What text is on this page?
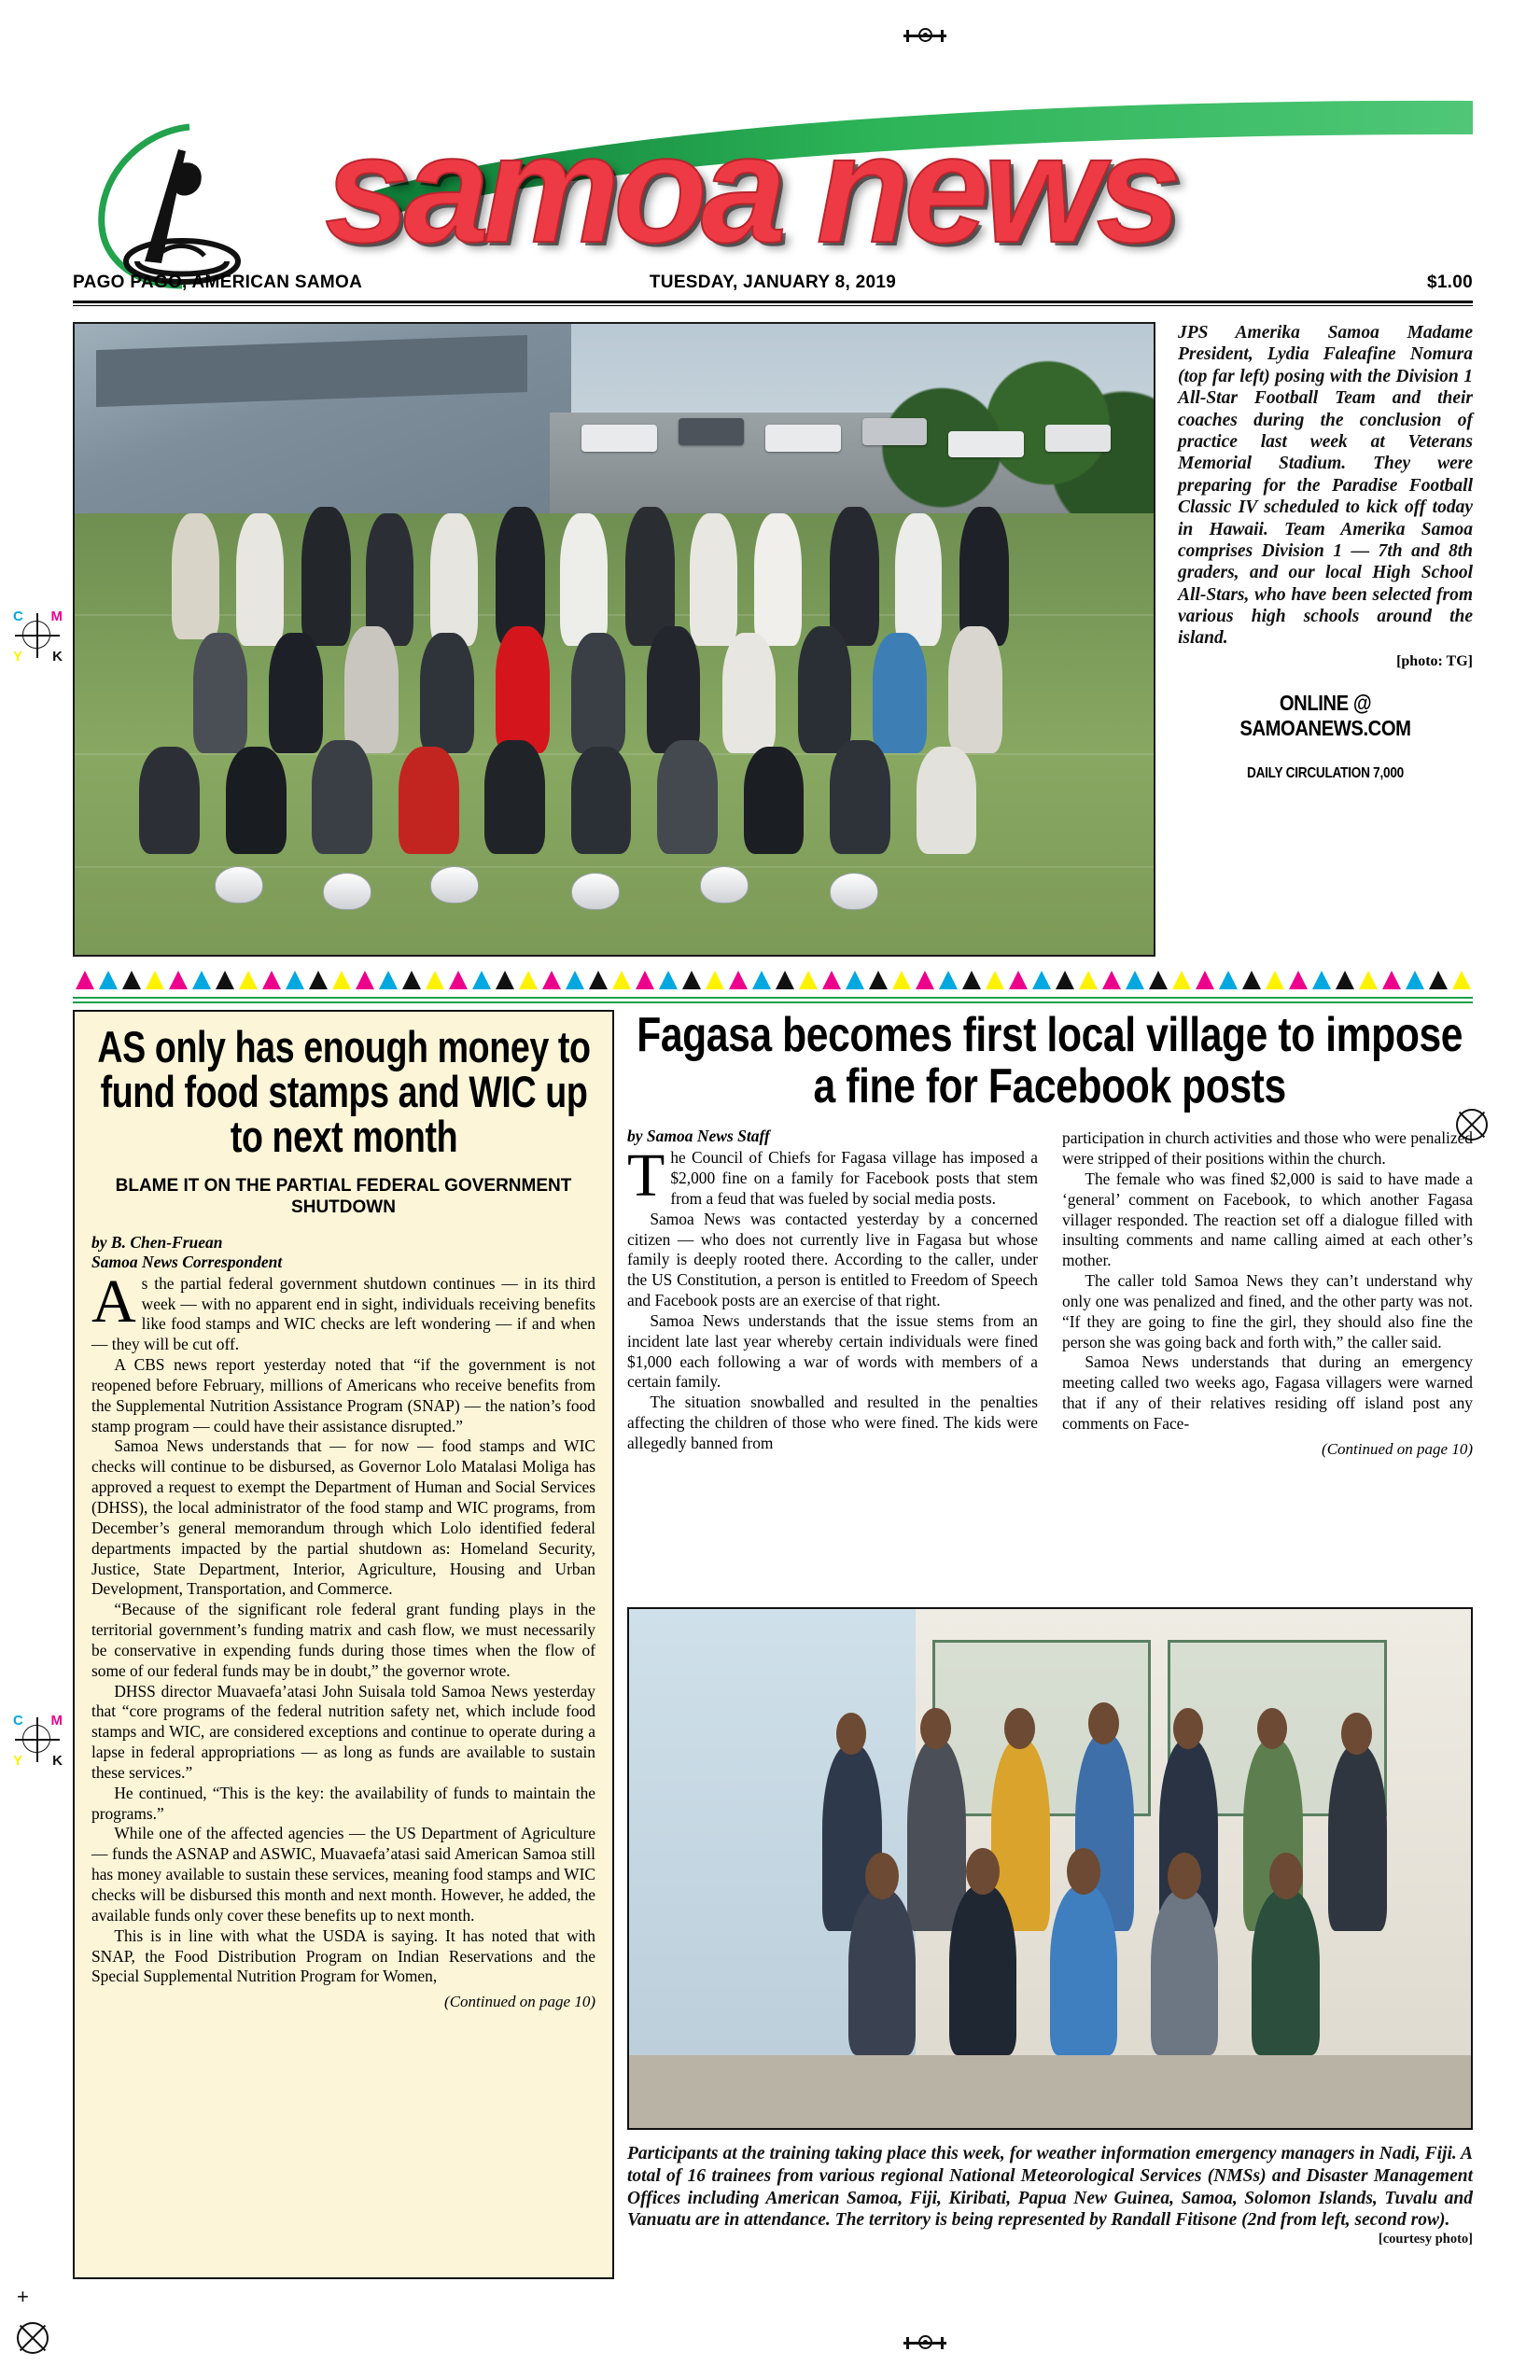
C M
Y K
C M
Y K
+
samoa news
PAGO PAGO, AMERICAN SAMOA	TUESDAY, JANUARY 8, 2019	$1.00
JPS Amerika Samoa Madame President, Lydia Faleafine Nomura (top far left) posing with the Division 1 All-Star Football Team and their coaches during the conclusion of practice last week at Veterans Memorial Stadium. They were preparing for the Paradise Football Classic IV scheduled to kick off today in Hawaii. Team Amerika Samoa comprises Division 1 — 7th and 8th graders, and our local High School All-Stars, who have been selected from various high schools around the island.
[photo: TG]
ONLINE @ SAMOANEWS.COM
DAILY CIRCULATION 7,000
AS only has enough money to fund food stamps and WIC up to next month
BLAME IT ON THE PARTIAL FEDERAL GOVERNMENT SHUTDOWN
by B. Chen-Fruean
Samoa News Correspondent

As the partial federal government shutdown continues — in its third week — with no apparent end in sight, individuals receiving benefits like food stamps and WIC checks are left wondering — if and when — they will be cut off.

A CBS news report yesterday noted that “if the government is not reopened before February, millions of Americans who receive benefits from the Supplemental Nutrition Assistance Program (SNAP) — the nation’s food stamp program — could have their assistance disrupted.”

Samoa News understands that — for now — food stamps and WIC checks will continue to be disbursed, as Governor Lolo Matalasi Moliga has approved a request to exempt the Department of Human and Social Services (DHSS), the local administrator of the food stamp and WIC programs, from December’s general memorandum through which Lolo identified federal departments impacted by the partial shutdown as: Homeland Security, Justice, State Department, Interior, Agriculture, Housing and Urban Development, Transportation, and Commerce.

“Because of the significant role federal grant funding plays in the territorial government’s funding matrix and cash flow, we must necessarily be conservative in expending funds during those times when the flow of some of our federal funds may be in doubt,” the governor wrote.

DHSS director Muavaefa’atasi John Suisala told Samoa News yesterday that “core programs of the federal nutrition safety net, which include food stamps and WIC, are considered exceptions and continue to operate during a lapse in federal appropriations — as long as funds are available to sustain these services.”

He continued, “This is the key: the availability of funds to maintain the programs.”

While one of the affected agencies — the US Department of Agriculture — funds the ASNAP and ASWIC, Muavaefa’atasi said American Samoa still has money available to sustain these services, meaning food stamps and WIC checks will be disbursed this month and next month. However, he added, the available funds only cover these benefits up to next month.

This is in line with what the USDA is saying. It has noted that with SNAP, the Food Distribution Program on Indian Reservations and the Special Supplemental Nutrition Program for Women,

(Continued on page 10)
Fagasa becomes first local village to impose a fine for Facebook posts
by Samoa News Staff

The Council of Chiefs for Fagasa village has imposed a $2,000 fine on a family for Facebook posts that stem from a feud that was fueled by social media posts.

Samoa News was contacted yesterday by a concerned citizen — who does not currently live in Fagasa but whose family is deeply rooted there. According to the caller, under the US Constitution, a person is entitled to Freedom of Speech and Facebook posts are an exercise of that right.

Samoa News understands that the issue stems from an incident late last year whereby certain individuals were fined $1,000 each following a war of words with members of a certain family.

The situation snowballed and resulted in the penalties affecting the children of those who were fined. The kids were allegedly banned from

participation in church activities and those who were penalized were stripped of their positions within the church.

The female who was fined $2,000 is said to have made a ‘general’ comment on Facebook, to which another Fagasa villager responded. The reaction set off a dialogue filled with insulting comments and name calling aimed at each other’s mother.

The caller told Samoa News they can’t understand why only one was penalized and fined, and the other party was not. “If they are going to fine the girl, they should also fine the person she was going back and forth with,” the caller said.

Samoa News understands that during an emergency meeting called two weeks ago, Fagasa villagers were warned that if any of their relatives residing off island post any comments on Face-

(Continued on page 10)
Participants at the training taking place this week, for weather information emergency managers in Nadi, Fiji. A total of 16 trainees from various regional National Meteorological Services (NMSs) and Disaster Management Offices including American Samoa, Fiji, Kiribati, Papua New Guinea, Samoa, Solomon Islands, Tuvalu and Vanuatu are in attendance. The territory is being represented by Randall Fitisone (2nd from left, second row).
[courtesy photo]
